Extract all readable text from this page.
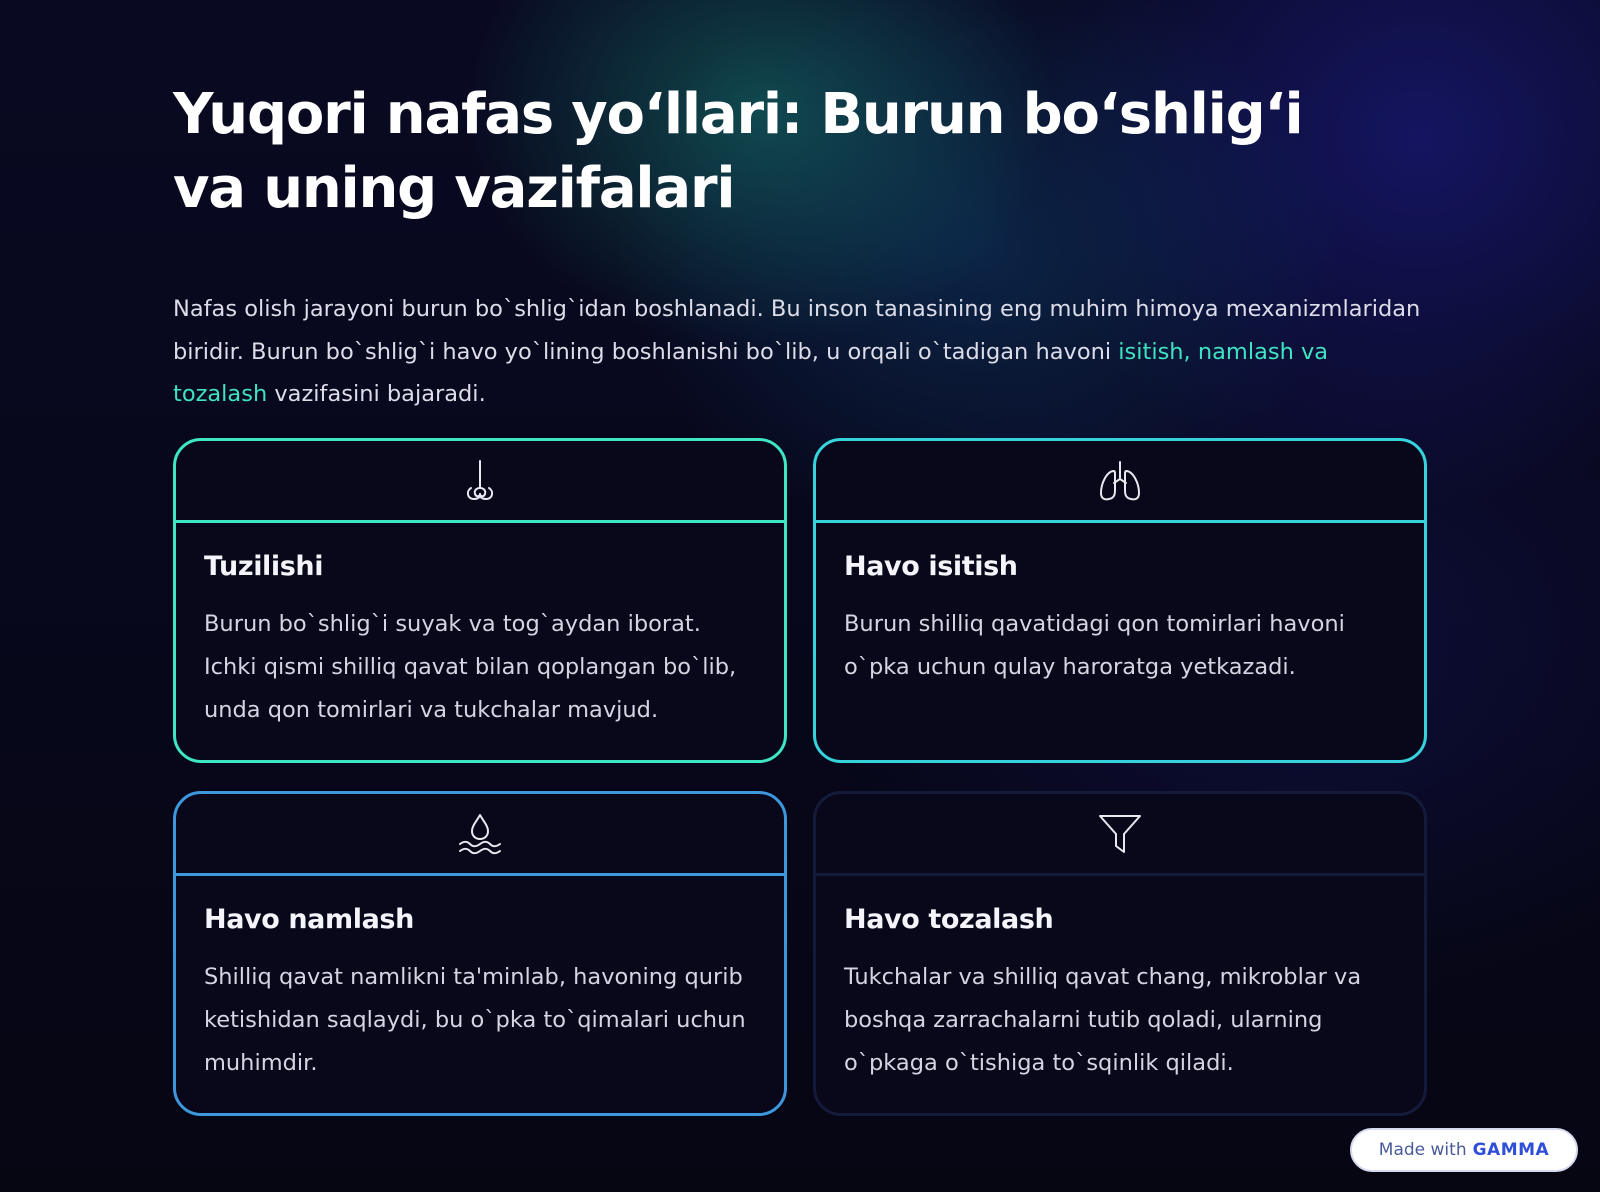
Yuqori nafas yo‘llari: Burun bo‘shlig‘i va uning vazifalari

Nafas olish jarayoni burun bo`shlig`idan boshlanadi. Bu inson tanasining eng muhim himoya mexanizmlaridan biridir. Burun bo`shlig`i havo yo`lining boshlanishi bo`lib, u orqali o`tadigan havoni isitish, namlash va tozalash vazifasini bajaradi.

Tuzilishi

Burun bo`shlig`i suyak va tog`aydan iborat. Ichki qismi shilliq qavat bilan qoplangan bo`lib, unda qon tomirlari va tukchalar mavjud.

Havo isitish

Burun shilliq qavatidagi qon tomirlari havoni o`pka uchun qulay haroratga yetkazadi.

Havo namlash

Shilliq qavat namlikni ta'minlab, havoning qurib ketishidan saqlaydi, bu o`pka to`qimalari uchun muhimdir.

Havo tozalash

Tukchalar va shilliq qavat chang, mikroblar va boshqa zarrachalarni tutib qoladi, ularning o`pkaga o`tishiga to`sqinlik qiladi.

Made with GAMMA
